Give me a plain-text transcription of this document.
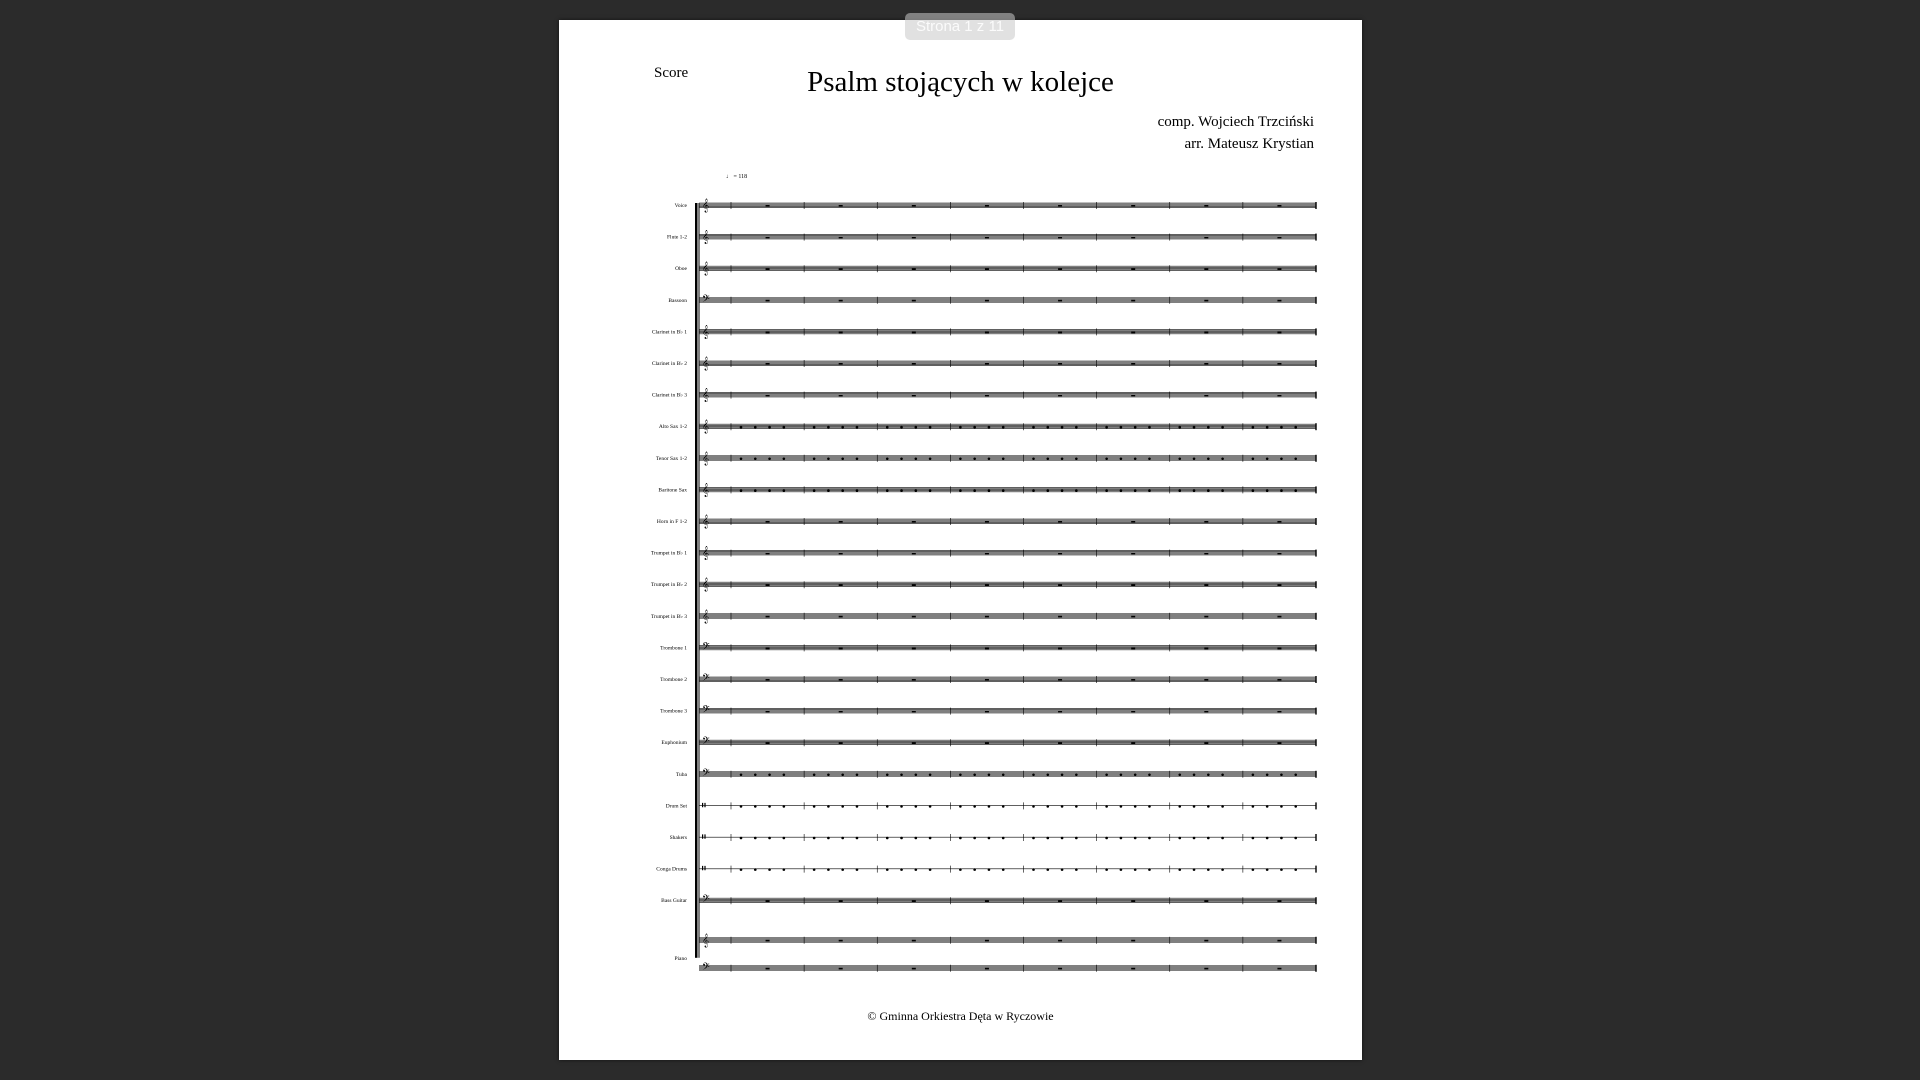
Strona 1 z 11
Score	Psalm stojących w kolejce
comp. Wojciech Trzciński
arr. Mateusz Krystian
♩ = 118
Voice 𝄞
Flute 1-2 𝄞
Oboe 𝄞
Bassoon 𝄢
Clarinet in B♭ 1 𝄞
Clarinet in B♭ 2 𝄞
Clarinet in B♭ 3 𝄞
Alto Sax 1-2 𝄞
Tenor Sax 1-2 𝄞
Baritone Sax 𝄞
Horn in F 1-2 𝄞
Trumpet in B♭ 1 𝄞
Trumpet in B♭ 2 𝄞
Trumpet in B♭ 3 𝄞
Trombone 1 𝄢
Trombone 2 𝄢
Trombone 3 𝄢
Euphonium 𝄢
Tuba 𝄢
Drum Set 𝄥
Shakers 𝄥
Conga Drums 𝄥
Bass Guitar 𝄢
Piano
𝄞
𝄢
© Gminna Orkiestra Dęta w Ryczowie
